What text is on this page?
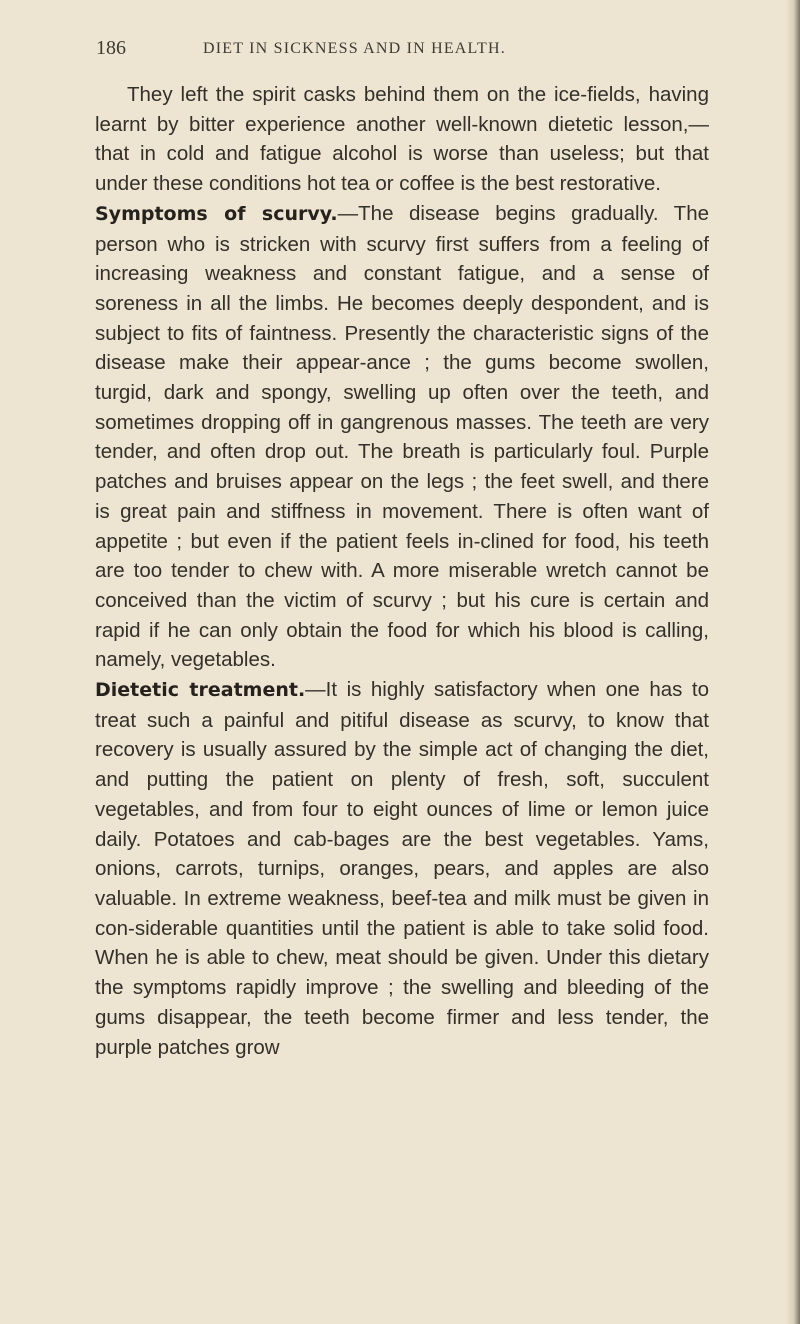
186	DIET IN SICKNESS AND IN HEALTH.

They left the spirit casks behind them on the ice-fields, having learnt by bitter experience another well-known dietetic lesson,—that in cold and fatigue alcohol is worse than useless; but that under these conditions hot tea or coffee is the best restorative.

Symptoms of scurvy.—The disease begins gradually. The person who is stricken with scurvy first suffers from a feeling of increasing weakness and constant fatigue, and a sense of soreness in all the limbs. He becomes deeply despondent, and is subject to fits of faintness. Presently the characteristic signs of the disease make their appear-ance ; the gums become swollen, turgid, dark and spongy, swelling up often over the teeth, and sometimes dropping off in gangrenous masses. The teeth are very tender, and often drop out. The breath is particularly foul. Purple patches and bruises appear on the legs ; the feet swell, and there is great pain and stiffness in movement. There is often want of appetite ; but even if the patient feels in-clined for food, his teeth are too tender to chew with. A more miserable wretch cannot be conceived than the victim of scurvy ; but his cure is certain and rapid if he can only obtain the food for which his blood is calling, namely, vegetables.

Dietetic treatment.—It is highly satisfactory when one has to treat such a painful and pitiful disease as scurvy, to know that recovery is usually assured by the simple act of changing the diet, and putting the patient on plenty of fresh, soft, succulent vegetables, and from four to eight ounces of lime or lemon juice daily. Potatoes and cab-bages are the best vegetables. Yams, onions, carrots, turnips, oranges, pears, and apples are also valuable. In extreme weakness, beef-tea and milk must be given in con-siderable quantities until the patient is able to take solid food. When he is able to chew, meat should be given. Under this dietary the symptoms rapidly improve ; the swelling and bleeding of the gums disappear, the teeth become firmer and less tender, the purple patches grow
